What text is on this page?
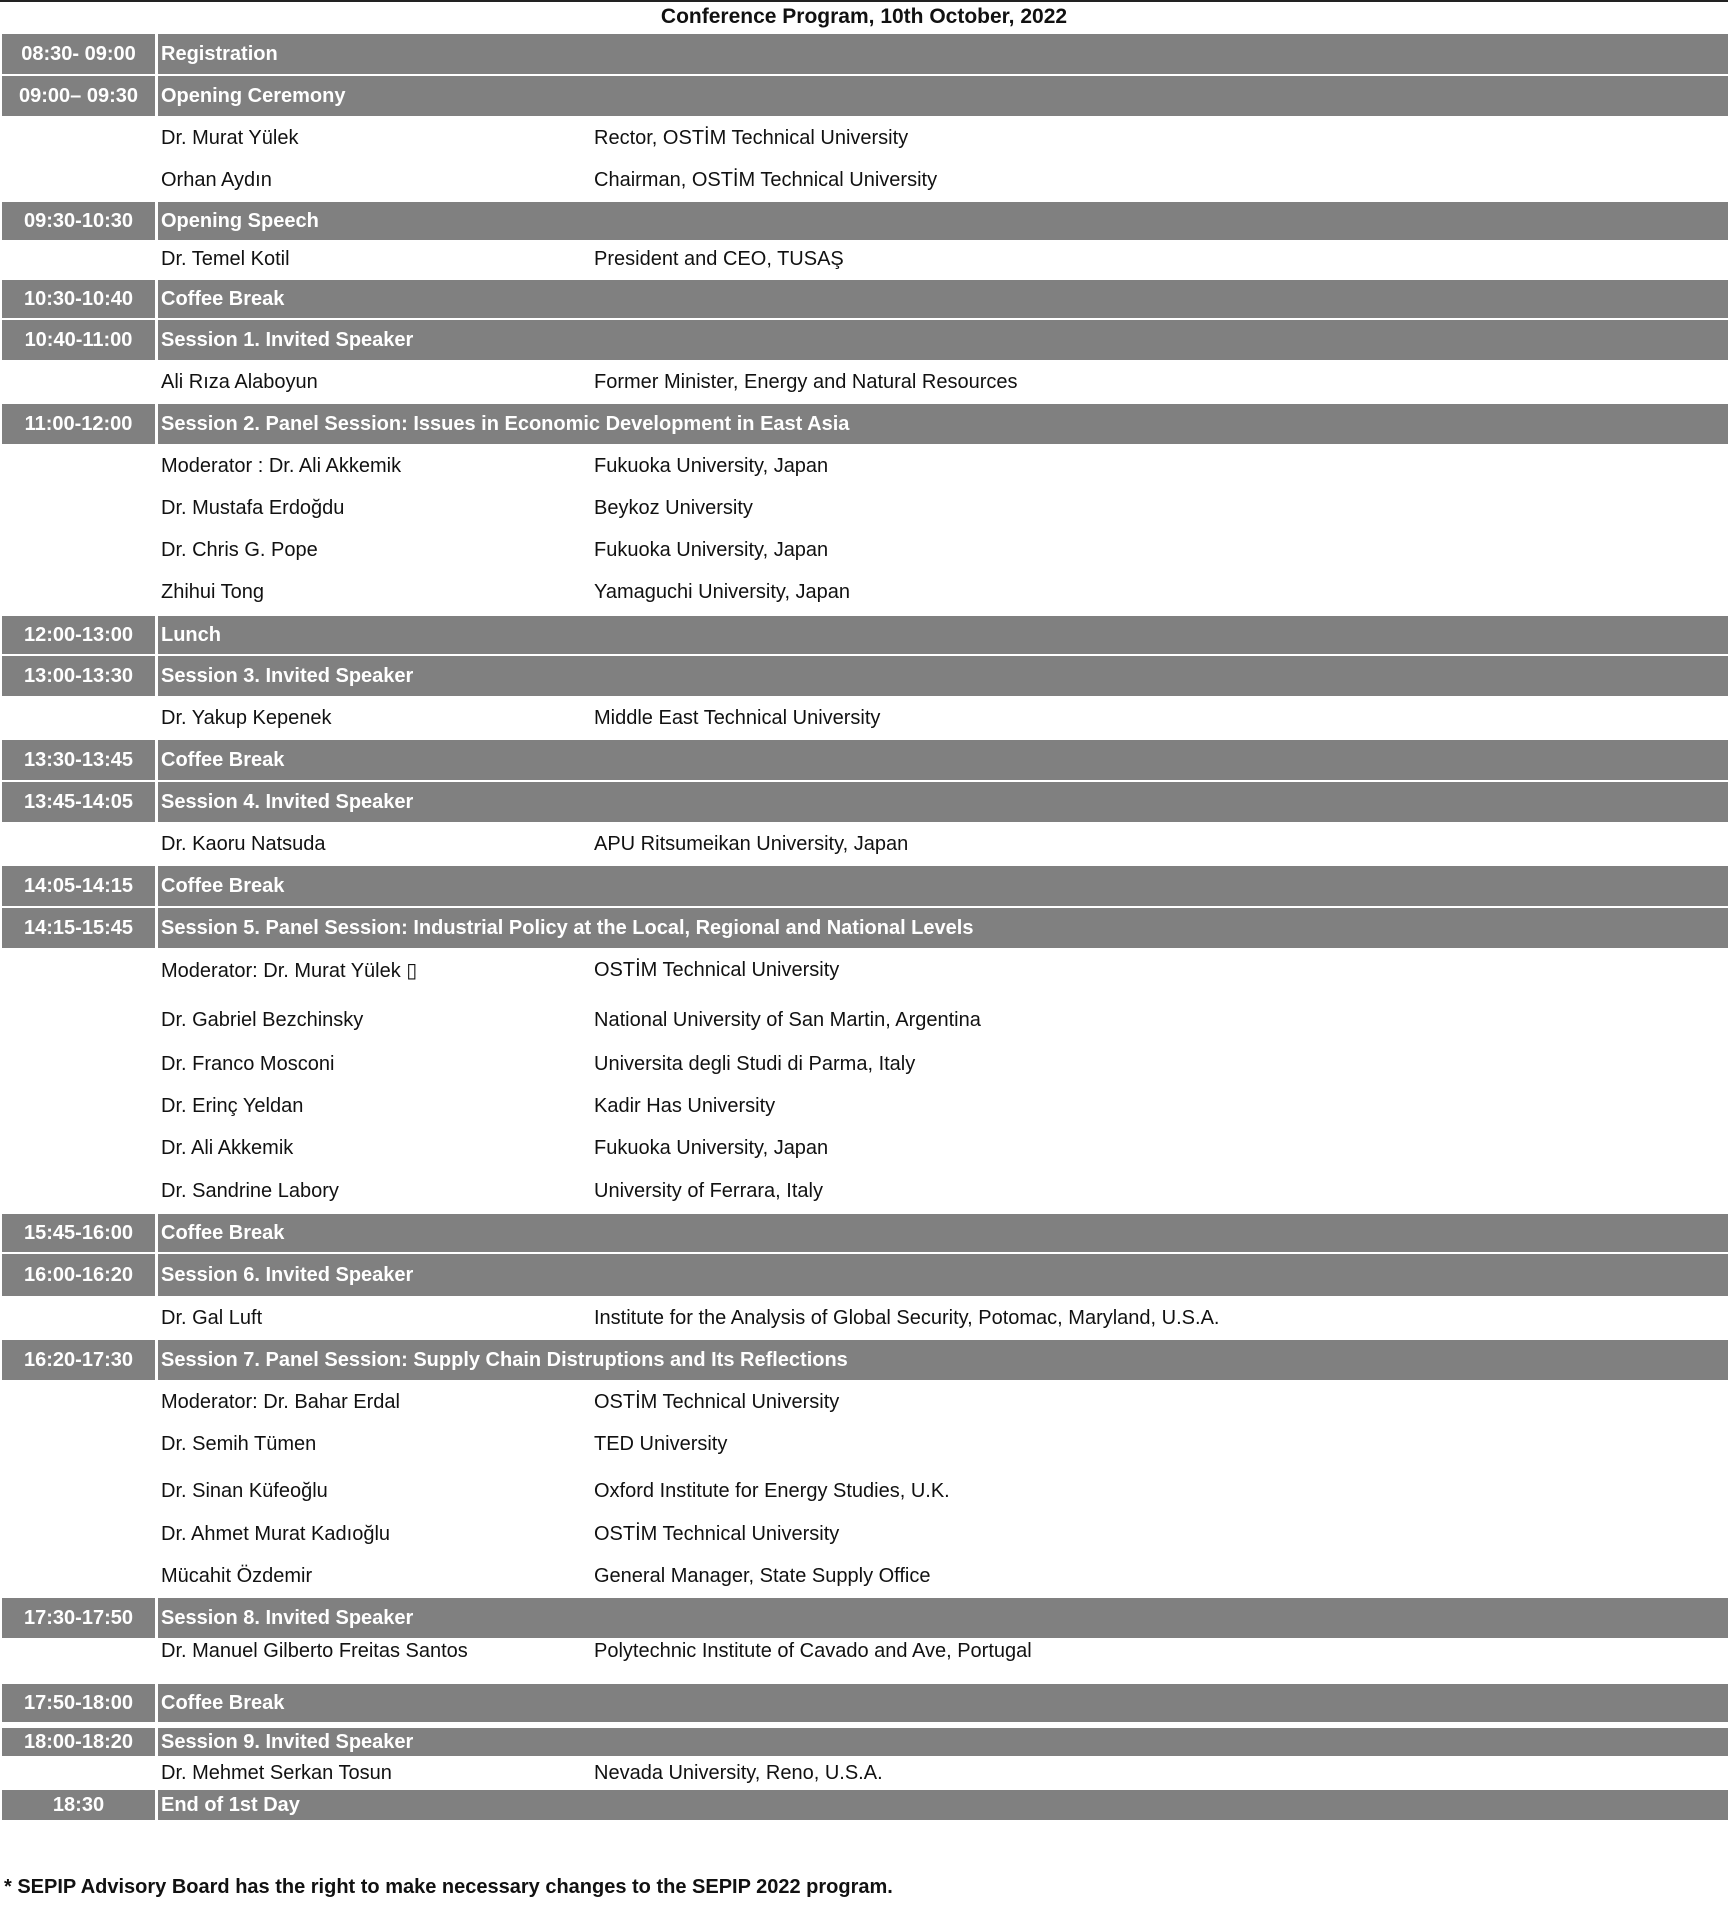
Conference Program, 10th October, 2022
08:30- 09:00	Registration
09:00– 09:30	Opening Ceremony
Dr. Murat Yülek	Rector, OSTİM Technical University
Orhan Aydın	Chairman, OSTİM Technical University
09:30-10:30	Opening Speech
Dr. Temel Kotil	President and CEO, TUSAŞ
10:30-10:40	Coffee Break
10:40-11:00	Session 1. Invited Speaker
Ali Rıza Alaboyun	Former Minister, Energy and Natural Resources
11:00-12:00	Session 2. Panel Session: Issues in Economic Development in East Asia
Moderator : Dr. Ali Akkemik	Fukuoka University, Japan
Dr. Mustafa Erdoğdu	Beykoz University
Dr. Chris G. Pope	Fukuoka University, Japan
Zhihui Tong	Yamaguchi University, Japan
12:00-13:00	Lunch
13:00-13:30	Session 3. Invited Speaker
Dr. Yakup Kepenek	Middle East Technical University
13:30-13:45	Coffee Break
13:45-14:05	Session 4. Invited Speaker
Dr. Kaoru Natsuda	APU Ritsumeikan University, Japan
14:05-14:15	Coffee Break
14:15-15:45	Session 5. Panel Session: Industrial Policy at the Local, Regional and National Levels
Moderator: Dr. Murat Yülek ▯	OSTİM Technical University
Dr. Gabriel Bezchinsky	National University of San Martin, Argentina
Dr. Franco Mosconi	Universita degli Studi di Parma, Italy
Dr. Erinç Yeldan	Kadir Has University
Dr. Ali Akkemik	Fukuoka University, Japan
Dr. Sandrine Labory	University of Ferrara, Italy
15:45-16:00	Coffee Break
16:00-16:20	Session 6. Invited Speaker
Dr. Gal Luft	Institute for the Analysis of Global Security, Potomac, Maryland, U.S.A.
16:20-17:30	Session 7. Panel Session: Supply Chain Distruptions and Its Reflections
Moderator: Dr. Bahar Erdal	OSTİM Technical University
Dr. Semih Tümen	TED University
Dr. Sinan Küfeoğlu	Oxford Institute for Energy Studies, U.K.
Dr. Ahmet Murat Kadıoğlu	OSTİM Technical University
Mücahit Özdemir	General Manager, State Supply Office
17:30-17:50	Session 8. Invited Speaker
Dr. Manuel Gilberto Freitas Santos	Polytechnic Institute of Cavado and Ave, Portugal
17:50-18:00	Coffee Break
18:00-18:20	Session 9. Invited Speaker
Dr. Mehmet Serkan Tosun	Nevada University, Reno, U.S.A.
18:30	End of 1st Day
* SEPIP Advisory Board has the right to make necessary changes to the SEPIP 2022 program.
